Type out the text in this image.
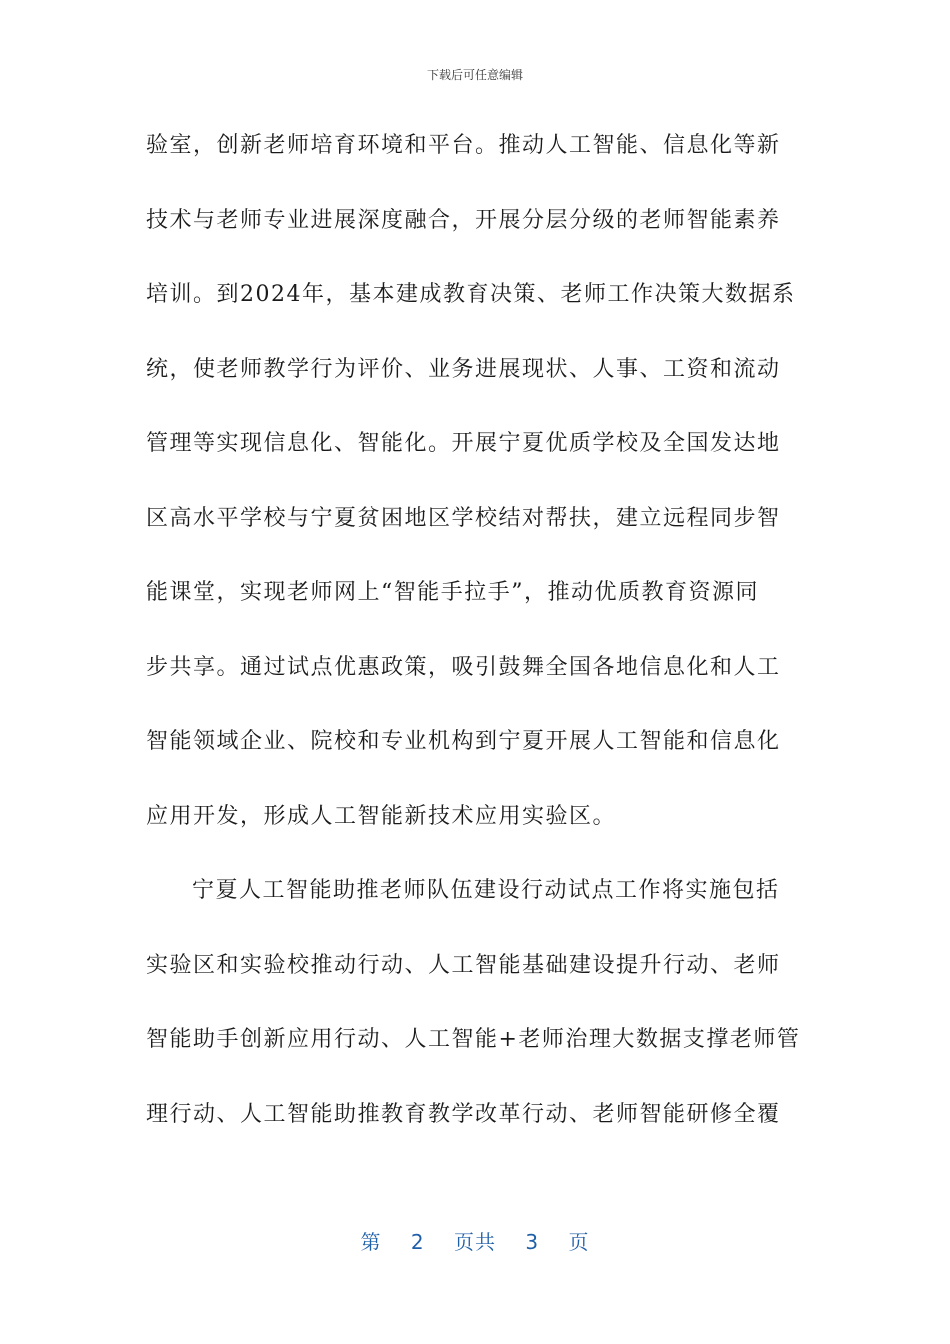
下载后可任意编辑
验室，创新老师培育环境和平台。推动人工智能、信息化等新
技术与老师专业进展深度融合，开展分层分级的老师智能素养
培训。到2024年，基本建成教育决策、老师工作决策大数据系
统，使老师教学行为评价、业务进展现状、人事、工资和流动
管理等实现信息化、智能化。开展宁夏优质学校及全国发达地
区高水平学校与宁夏贫困地区学校结对帮扶，建立远程同步智
能课堂，实现老师网上“智能手拉手”，推动优质教育资源同
步共享。通过试点优惠政策，吸引鼓舞全国各地信息化和人工
智能领域企业、院校和专业机构到宁夏开展人工智能和信息化
应用开发，形成人工智能新技术应用实验区。
宁夏人工智能助推老师队伍建设行动试点工作将实施包括
实验区和实验校推动行动、人工智能基础建设提升行动、老师
智能助手创新应用行动、人工智能+老师治理大数据支撑老师管
理行动、人工智能助推教育教学改革行动、老师智能研修全覆
第 2 页共 3 页
